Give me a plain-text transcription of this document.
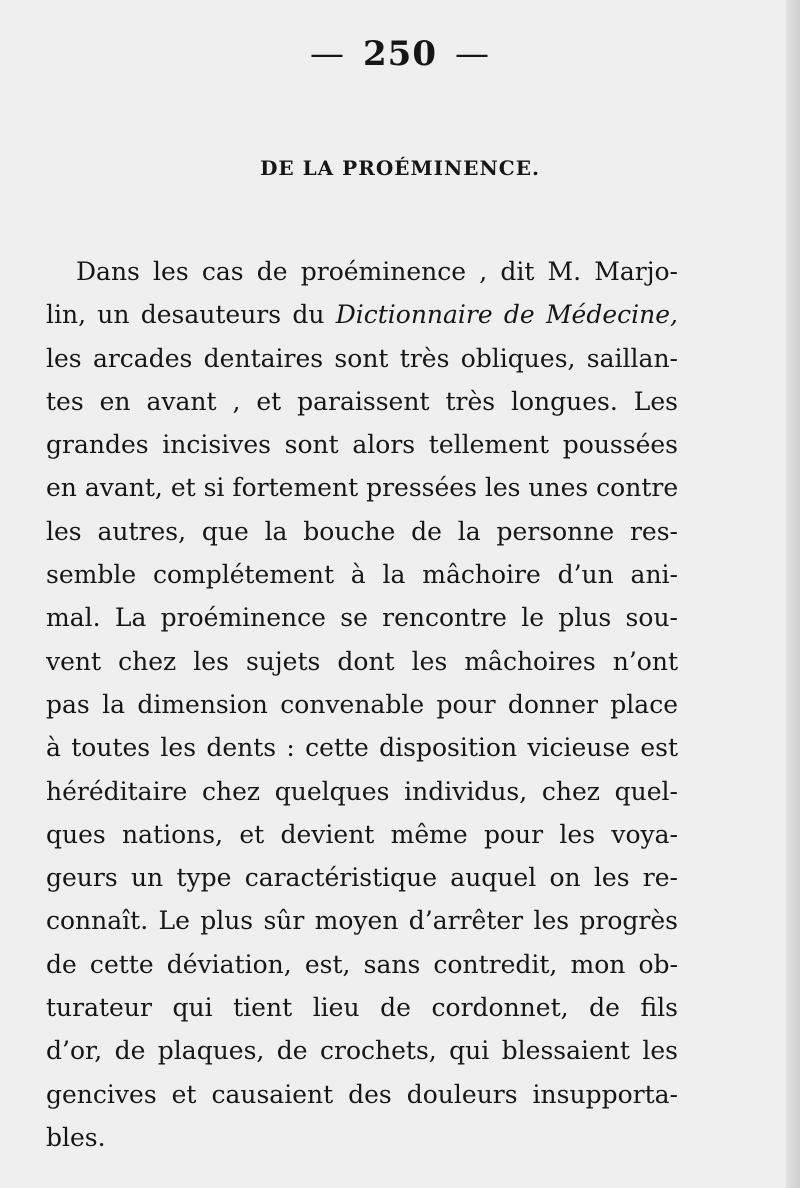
— 250 —
DE LA PROÉMINENCE.
Dans les cas de proéminence , dit M. Marjo-
lin, un desauteurs du Dictionnaire de Médecine,
les arcades dentaires sont très obliques, saillan-
tes en avant , et paraissent très longues. Les
grandes incisives sont alors tellement poussées
en avant, et si fortement pressées les unes contre
les autres, que la bouche de la personne res-
semble complétement à la mâchoire d’un ani-
mal. La proéminence se rencontre le plus sou-
vent chez les sujets dont les mâchoires n’ont
pas la dimension convenable pour donner place
à toutes les dents : cette disposition vicieuse est
héréditaire chez quelques individus, chez quel-
ques nations, et devient même pour les voya-
geurs un type caractéristique auquel on les re-
connaît. Le plus sûr moyen d’arrêter les progrès
de cette déviation, est, sans contredit, mon ob-
turateur qui tient lieu de cordonnet, de fils
d’or, de plaques, de crochets, qui blessaient les
gencives et causaient des douleurs insupporta-
bles.
